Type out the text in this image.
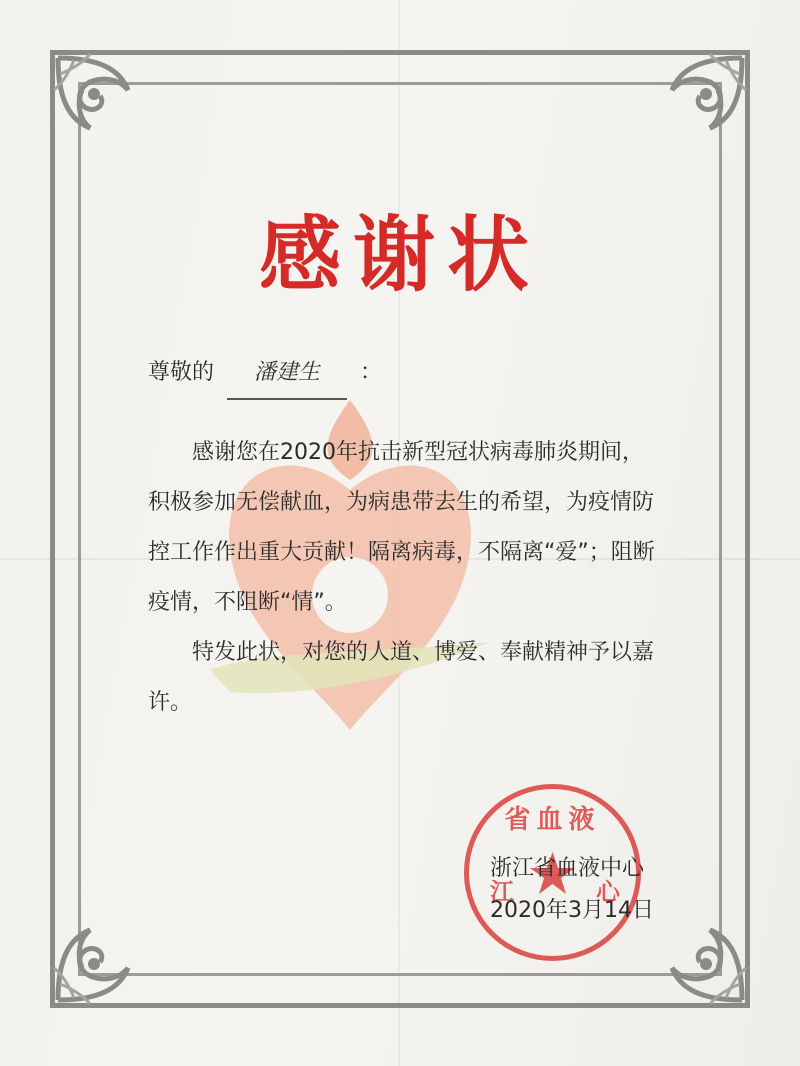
感谢状
尊敬的 潘建生 ：
感谢您在2020年抗击新型冠状病毒肺炎期间，积极参加无偿献血，为病患带去生的希望，为疫情防控工作作出重大贡献！隔离病毒，不隔离“爱”；阻断疫情，不阻断“情”。
特发此状，对您的人道、博爱、奉献精神予以嘉许。
省血液
江	心
浙江省血液中心
2020年3月14日
